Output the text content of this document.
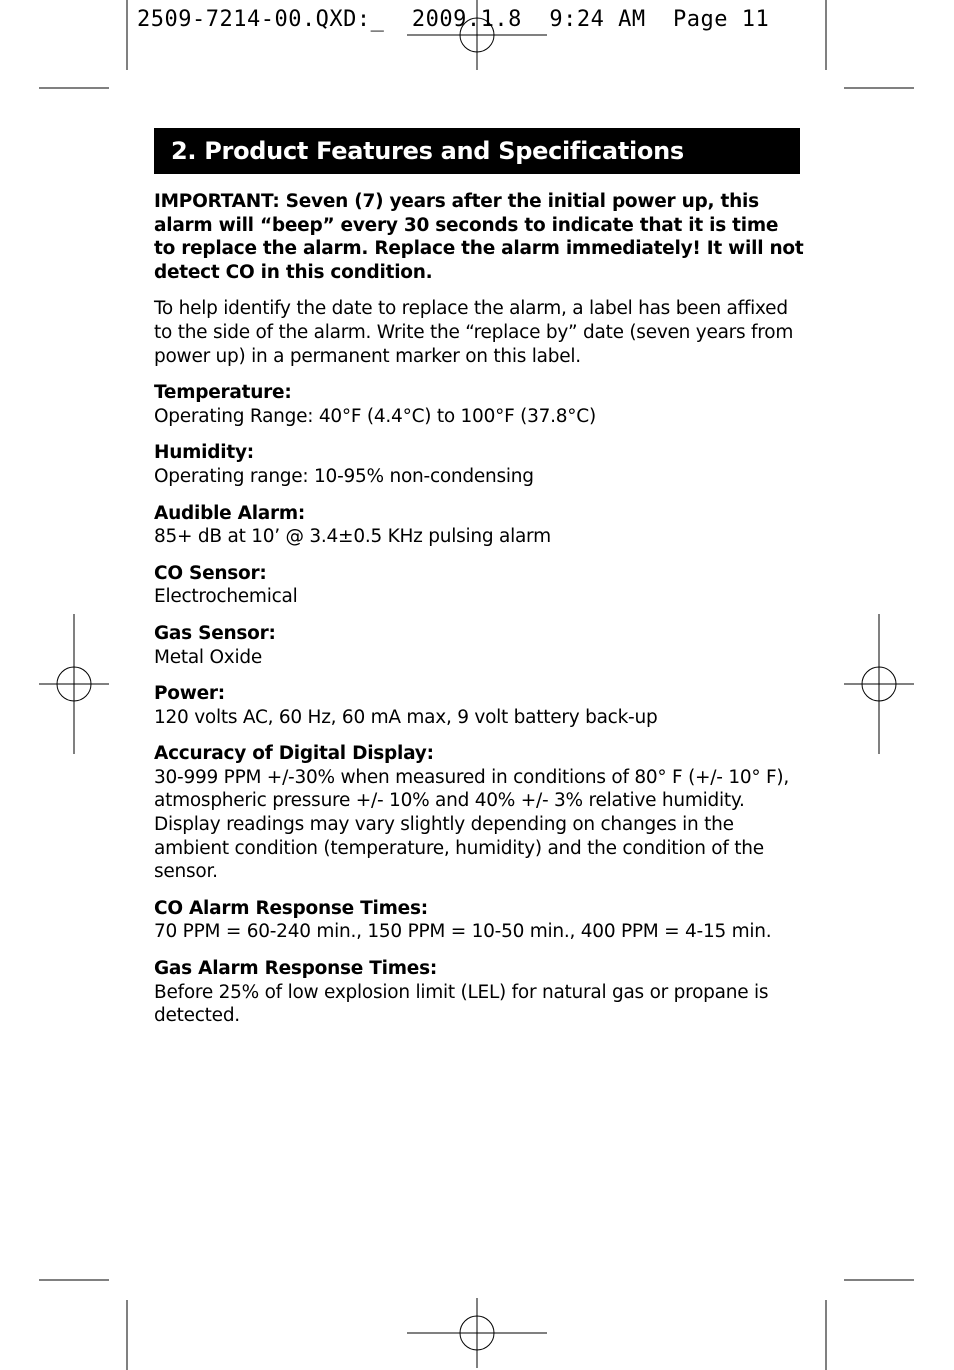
2509-7214-00.QXD:_  2009.1.8  9:24 AM  Page 11
2. Product Features and Specifications

IMPORTANT: Seven (7) years after the initial power up, this alarm will “beep” every 30 seconds to indicate that it is time to replace the alarm. Replace the alarm immediately! It will not detect CO in this condition.

To help identify the date to replace the alarm, a label has been affixed to the side of the alarm. Write the “replace by” date (seven years from power up) in a permanent marker on this label.

Temperature:
Operating Range: 40°F (4.4°C) to 100°F (37.8°C)
Humidity:
Operating range: 10-95% non-condensing
Audible Alarm:
85+ dB at 10’ @ 3.4±0.5 KHz pulsing alarm
CO Sensor:
Electrochemical
Gas Sensor:
Metal Oxide
Power:
120 volts AC, 60 Hz, 60 mA max, 9 volt battery back-up
Accuracy of Digital Display:
30-999 PPM +/-30% when measured in conditions of 80° F (+/- 10° F), atmospheric pressure +/- 10% and 40% +/- 3% relative humidity. Display readings may vary slightly depending on changes in the ambient condition (temperature, humidity) and the condition of the sensor.
CO Alarm Response Times:
70 PPM = 60-240 min., 150 PPM = 10-50 min., 400 PPM = 4-15 min.
Gas Alarm Response Times:
Before 25% of low explosion limit (LEL) for natural gas or propane is detected.
